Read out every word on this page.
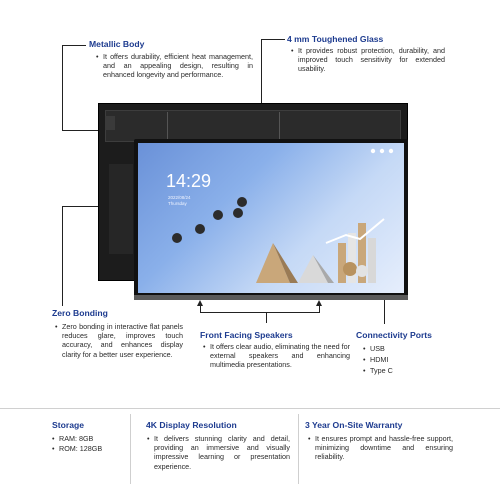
Metallic Body
• It offers durability, efficient heat management, and an appealing design, resulting in enhanced longevity and performance.
4 mm Toughened Glass
• It provides robust protection, durability, and improved touch sensitivity for extended usability.
Zero Bonding
• Zero bonding in interactive flat panels reduces glare, improves touch accuracy, and enhances display clarity for a better user experience.
14:29
2022/08/24
Thursday
Front Facing Speakers
• It offers clear audio, eliminating the need for external speakers and enhancing multimedia presentations.
Connectivity Ports
• USB
• HDMI
• Type C
Storage
• RAM: 8GB
• ROM: 128GB
4K Display Resolution
• It delivers stunning clarity and detail, providing an immersive and visually impressive learning or presentation experience.
3 Year On-Site Warranty
• It ensures prompt and hassle-free support, minimizing downtime and ensuring reliability.
